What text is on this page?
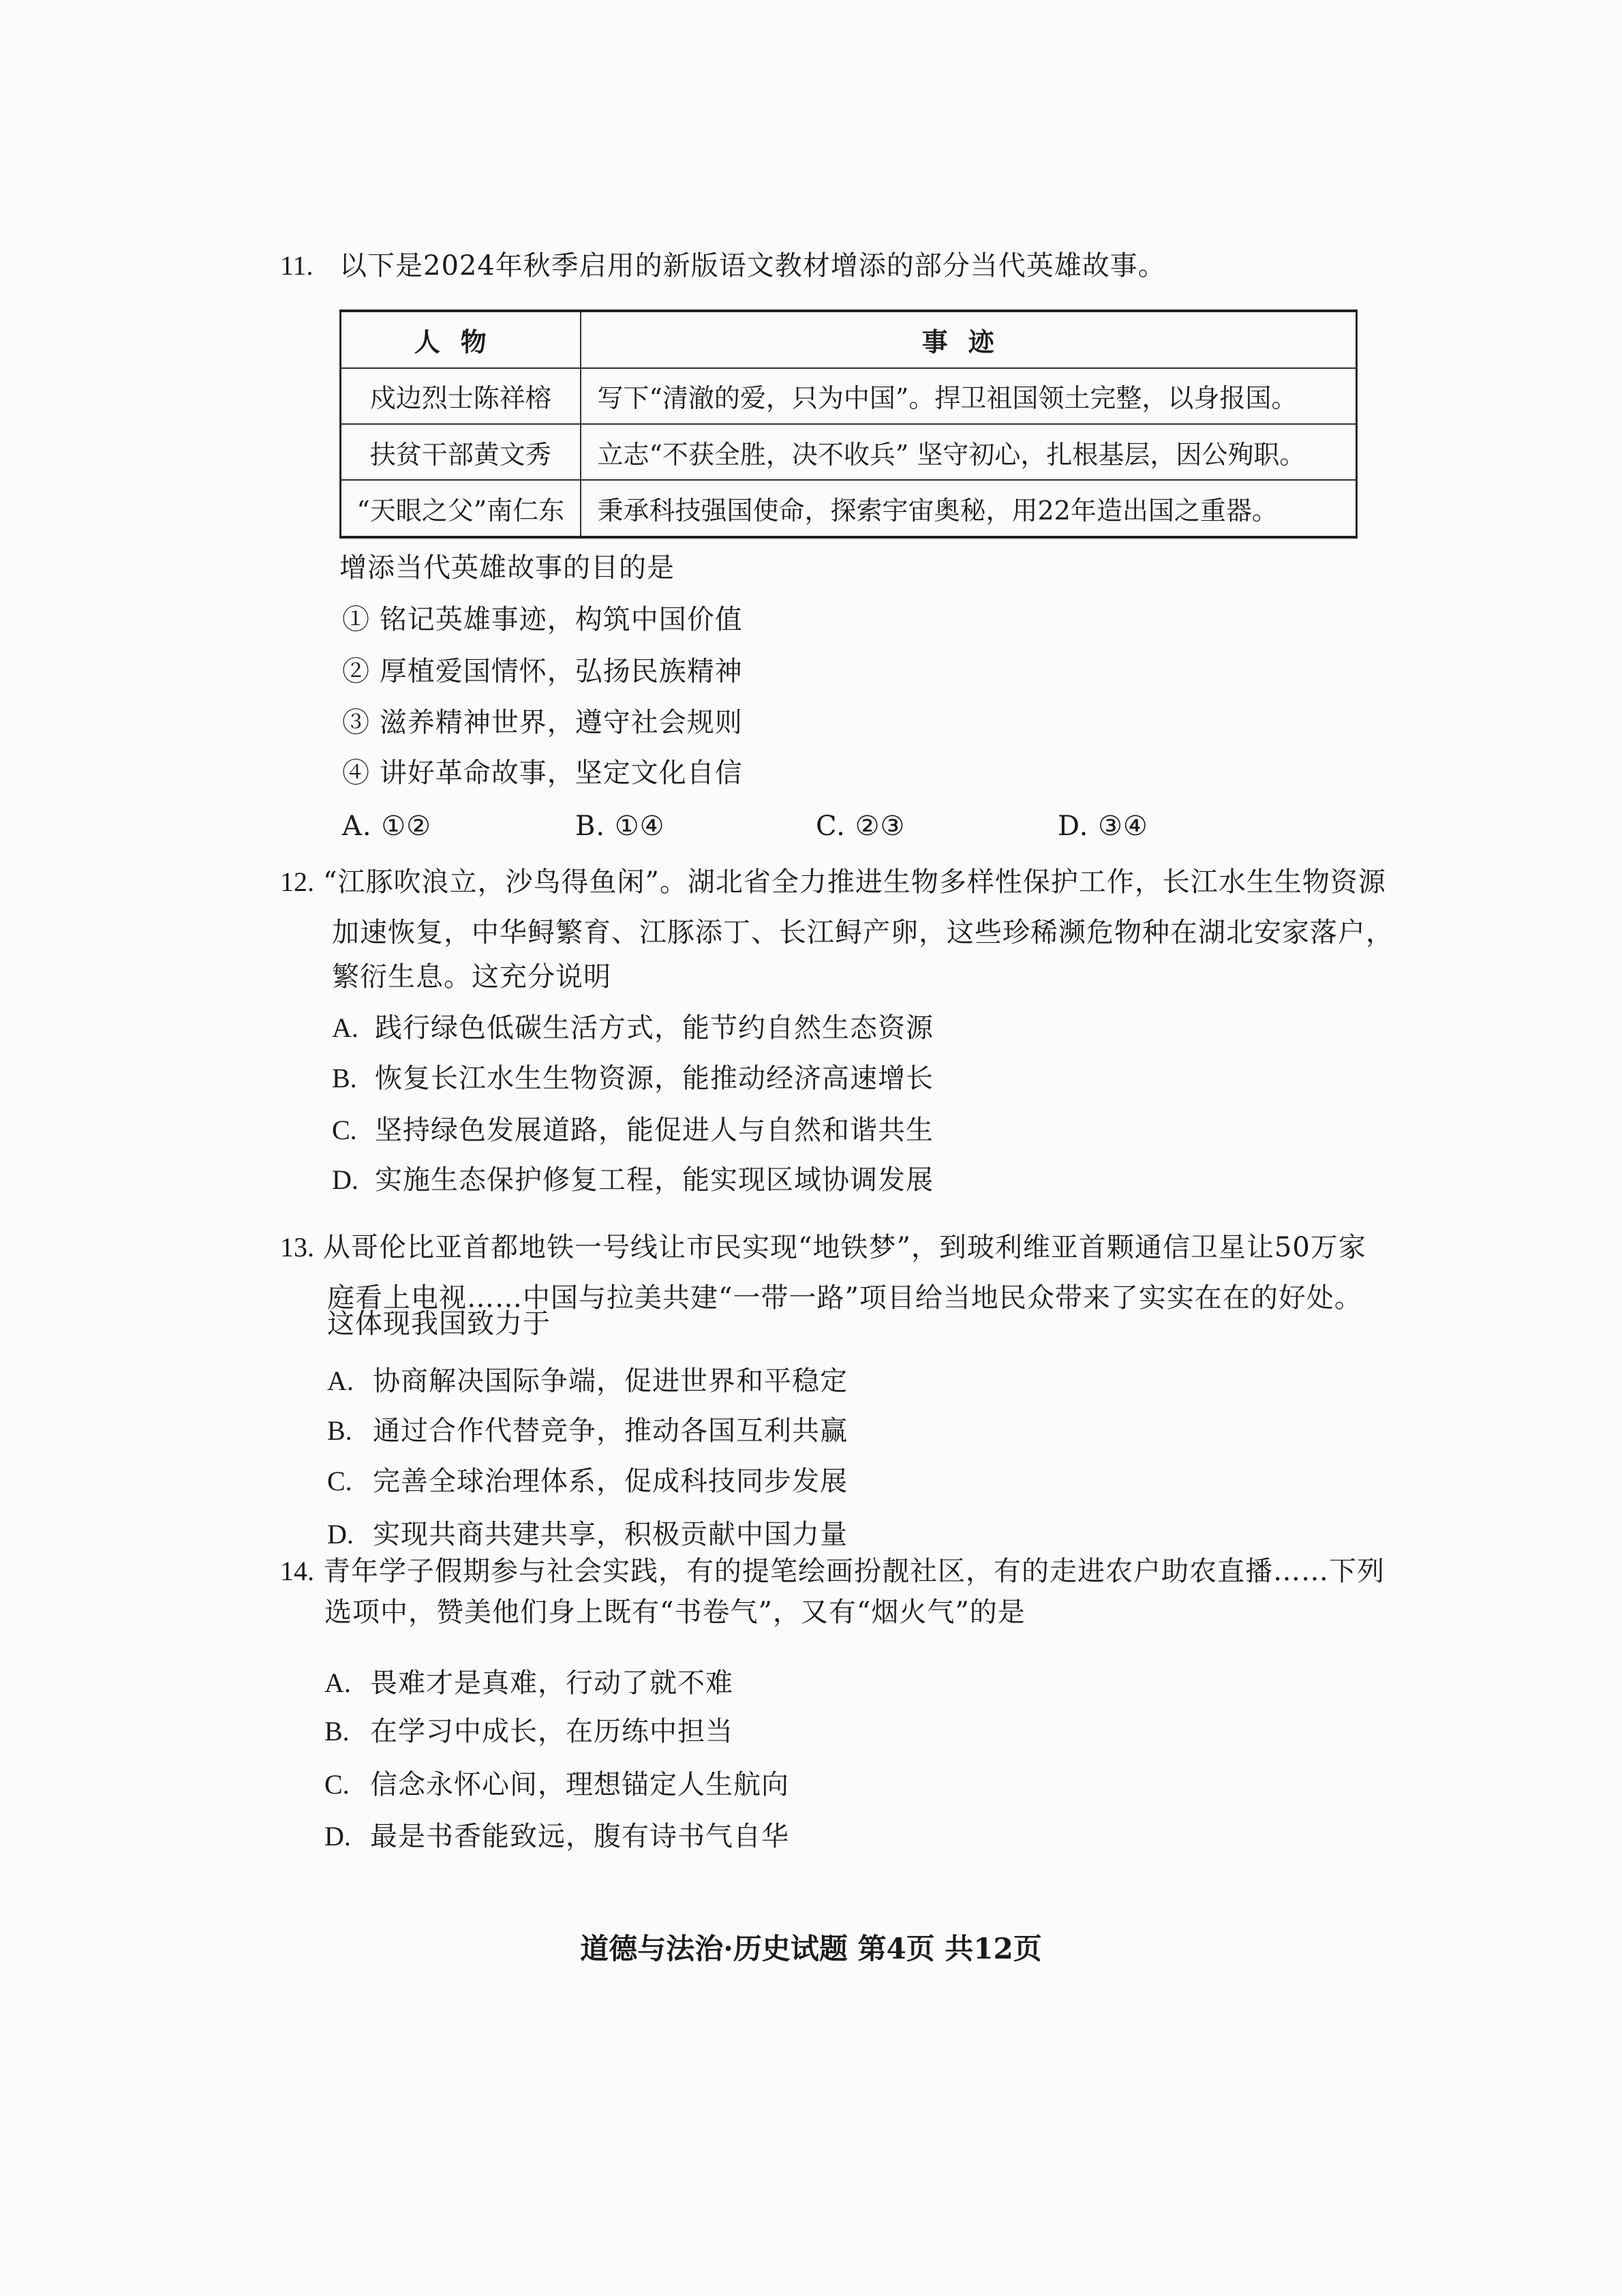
11. 以下是2024年秋季启用的新版语文教材增添的部分当代英雄故事。
人物	事迹
戍边烈士陈祥榕	写下“清澈的爱，只为中国”。捍卫祖国领土完整，以身报国。
扶贫干部黄文秀	立志“不获全胜，决不收兵” 坚守初心，扎根基层，因公殉职。
“天眼之父”南仁东	秉承科技强国使命，探索宇宙奥秘，用22年造出国之重器。
增添当代英雄故事的目的是
① 铭记英雄事迹，构筑中国价值
② 厚植爱国情怀，弘扬民族精神
③ 滋养精神世界，遵守社会规则
④ 讲好革命故事，坚定文化自信
A. ①②	B. ①④	C. ②③	D. ③④
12. “江豚吹浪立，沙鸟得鱼闲”。湖北省全力推进生物多样性保护工作，长江水生生物资源
加速恢复，中华鲟繁育、江豚添丁、长江鲟产卵，这些珍稀濒危物种在湖北安家落户，
繁衍生息。这充分说明
A. 践行绿色低碳生活方式，能节约自然生态资源
B. 恢复长江水生生物资源，能推动经济高速增长
C. 坚持绿色发展道路，能促进人与自然和谐共生
D. 实施生态保护修复工程，能实现区域协调发展
13. 从哥伦比亚首都地铁一号线让市民实现“地铁梦”，到玻利维亚首颗通信卫星让50万家
庭看上电视……中国与拉美共建“一带一路”项目给当地民众带来了实实在在的好处。
这体现我国致力于
A. 协商解决国际争端，促进世界和平稳定
B. 通过合作代替竞争，推动各国互利共赢
C. 完善全球治理体系，促成科技同步发展
D. 实现共商共建共享，积极贡献中国力量
14. 青年学子假期参与社会实践，有的提笔绘画扮靓社区，有的走进农户助农直播……下列
选项中，赞美他们身上既有“书卷气”，又有“烟火气”的是
A. 畏难才是真难，行动了就不难
B. 在学习中成长，在历练中担当
C. 信念永怀心间，理想锚定人生航向
D. 最是书香能致远，腹有诗书气自华
道德与法治·历史试题 第4页 共12页
